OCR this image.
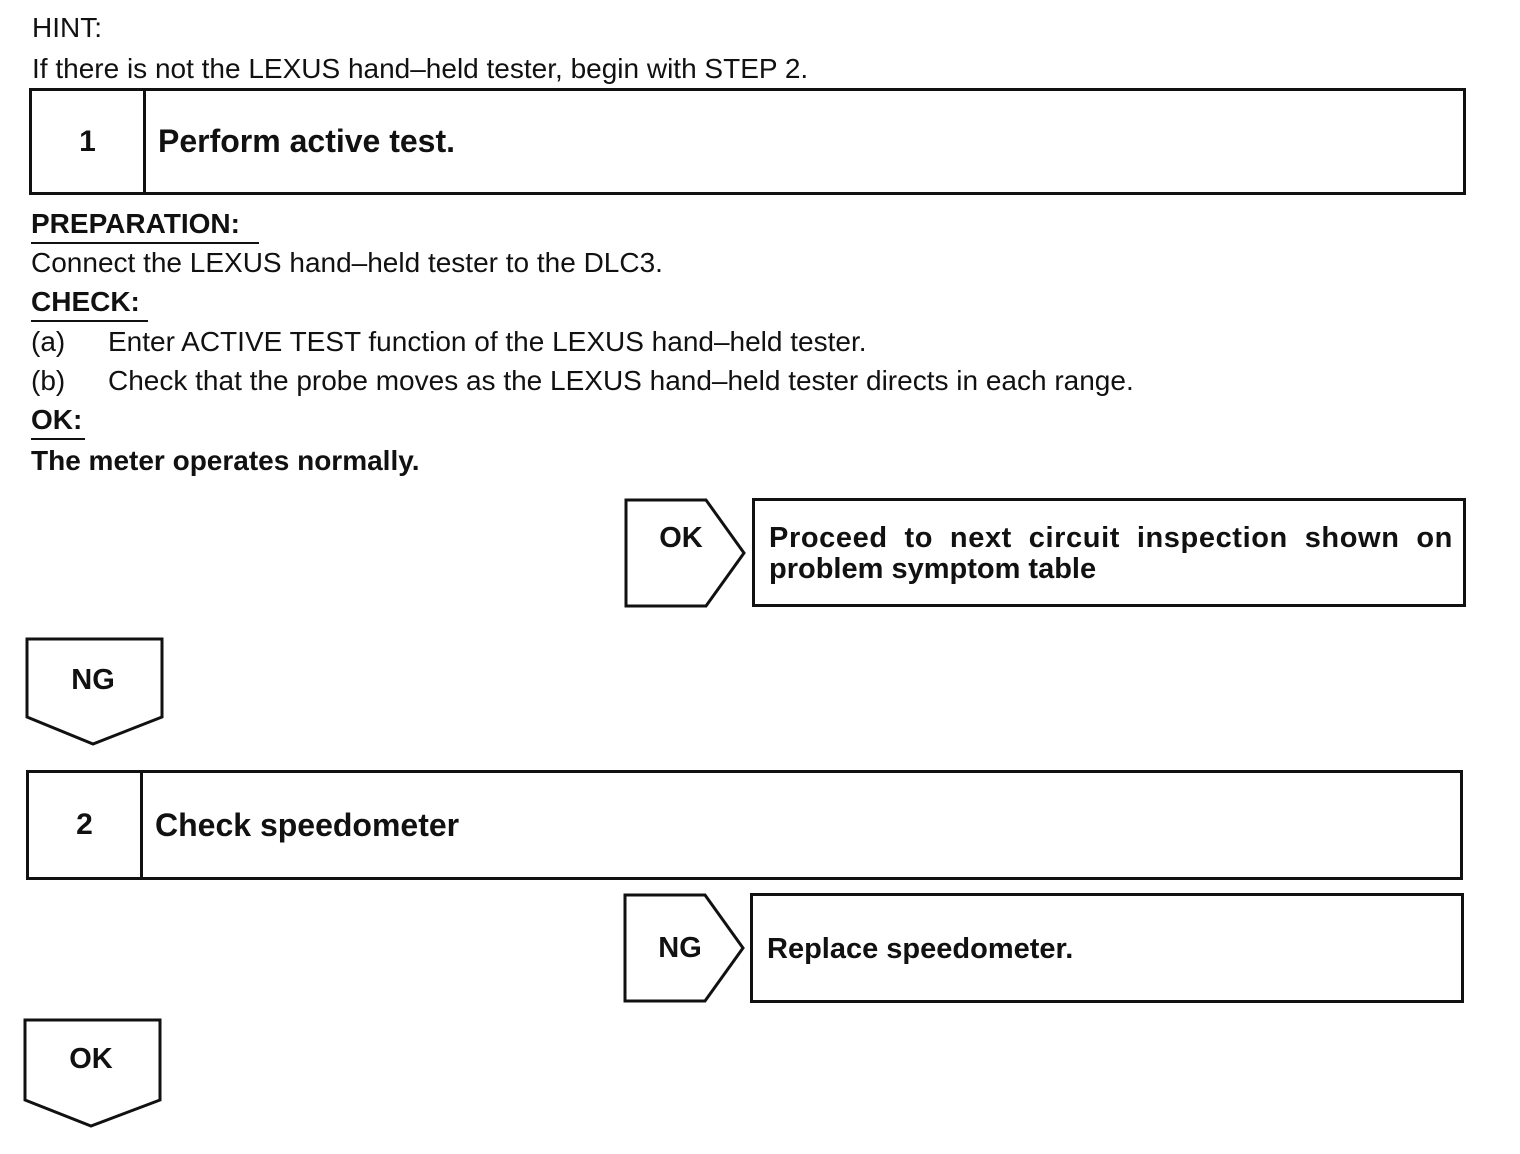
HINT:
If there is not the LEXUS hand–held tester, begin with STEP 2.
1	Perform active test.
PREPARATION:
Connect the LEXUS hand–held tester to the DLC3.
CHECK:
(a) Enter ACTIVE TEST function of the LEXUS hand–held tester.
(b) Check that the probe moves as the LEXUS hand–held tester directs in each range.
OK:
The meter operates normally.
OK	Proceed to next circuit inspection shown on
problem symptom table
NG
2	Check speedometer
NG	Replace speedometer.
OK
